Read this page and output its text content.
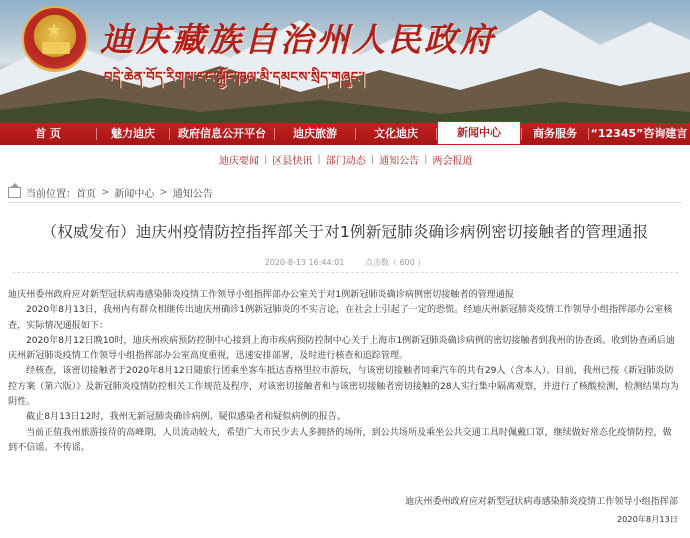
★ 迪庆藏族自治州人民政府
བདེ་ཆེན་བོད་རིགས་རང་སྐྱོང་ཁུལ་མི་དམངས་སྲིད་གཞུང་།
首 页	魅力迪庆	政府信息公开平台	迪庆旅游	文化迪庆	新闻中心	商务服务	“12345”咨询建言
迪庆要闻 | 区县快讯 | 部门动态 | 通知公告 | 两会报道
当前位置： 首页 > 新闻中心 > 通知公告
（权威发布）迪庆州疫情防控指挥部关于对1例新冠肺炎确诊病例密切接触者的管理通报
2020-8-13 16:44:01	点击数（ 600 ）

迪庆州委州政府应对新型冠状病毒感染肺炎疫情工作领导小组指挥部办公室关于对1例新冠肺炎确诊病例密切接触者的管理通报

2020年8月13日，我州内有群众相继传出迪庆州确诊1例新冠肺炎的不实言论，在社会上引起了一定的恐慌。经迪庆州新冠肺炎疫情工作领导小组指挥部办公室核查，实际情况通报如下：

2020年8月12日晚10时，迪庆州疾病预防控制中心接到上海市疾病预防控制中心关于上海市1例新冠肺炎确诊病例的密切接触者到我州的协查函。收到协查函后迪庆州新冠肺炎疫情工作领导小组指挥部办公室高度重视，迅速安排部署，及时进行核查和追踪管理。

经核查，该密切接触者于2020年8月12日随旅行团乘坐客车抵达香格里拉市游玩，与该密切接触者同乘汽车的共有29人（含本人）。目前，我州已按《新冠肺炎防控方案（第六版）》及新冠肺炎疫情防控相关工作规范及程序，对该密切接触者和与该密切接触者密切接触的28人实行集中隔离观察，并进行了核酸检测，检测结果均为阴性。

截止8月13日12时，我州无新冠肺炎确诊病例、疑似感染者和疑似病例的报告。

当前正值我州旅游接待的高峰期，人员流动较大，希望广大市民少去人多拥挤的场所，到公共场所及乘坐公共交通工具时佩戴口罩，继续做好常态化疫情防控，做到不信谣、不传谣。

迪庆州委州政府应对新型冠状病毒感染肺炎疫情工作领导小组指挥部
2020年8月13日
